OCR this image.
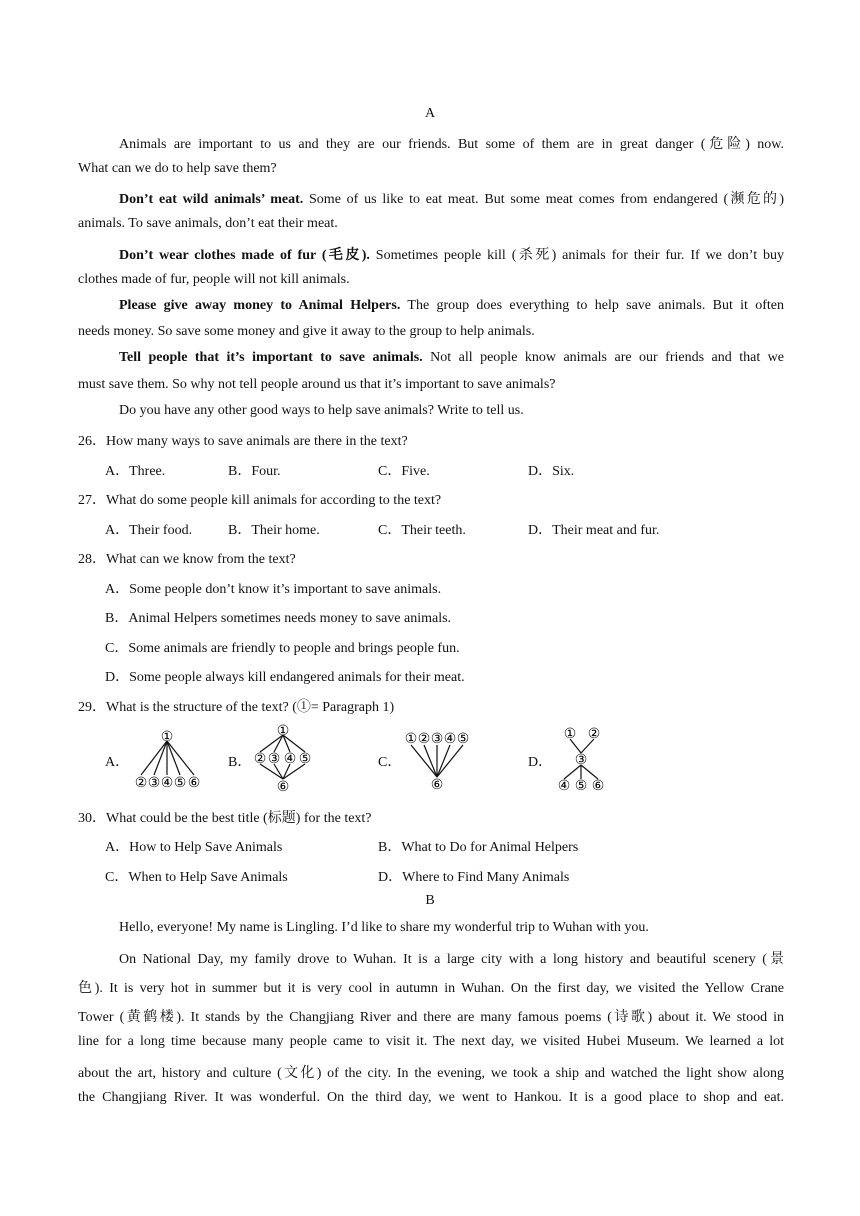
A
Animals are important to us and they are our friends. But some of them are in great danger (危险) now.
What can we do to help save them?
Don’t eat wild animals’ meat. Some of us like to eat meat. But some meat comes from endangered (濒危的)
animals. To save animals, don’t eat their meat.
Don’t wear clothes made of fur (毛皮). Sometimes people kill (杀死) animals for their fur. If we don’t buy
clothes made of fur, people will not kill animals.
Please give away money to Animal Helpers. The group does everything to help save animals. But it often
needs money. So save some money and give it away to the group to help animals.
Tell people that it’s important to save animals. Not all people know animals are our friends and that we
must save them. So why not tell people around us that it’s important to save animals?
Do you have any other good ways to help save animals? Write to tell us.
26．How many ways to save animals are there in the text?
A．Three.	B．Four.	C．Five.	D．Six.
27．What do some people kill animals for according to the text?
A．Their food.	B．Their home.	C．Their teeth.	D．Their meat and fur.
28．What can we know from the text?
A．Some people don’t know it’s important to save animals.
B．Animal Helpers sometimes needs money to save animals.
C．Some animals are friendly to people and brings people fun.
D．Some people always kill endangered animals for their meat.
29．What is the structure of the text? (①= Paragraph 1)
A．
①
② ③ ④ ⑤ ⑥
B．
①
② ③ ④ ⑤
⑥
C．
① ② ③ ④ ⑤
⑥
D．
① ②
③
④ ⑤ ⑥
30．What could be the best title (标题) for the text?
A．How to Help Save Animals	B．What to Do for Animal Helpers
C．When to Help Save Animals	D．Where to Find Many Animals
B
Hello, everyone! My name is Lingling. I’d like to share my wonderful trip to Wuhan with you.
On National Day, my family drove to Wuhan. It is a large city with a long history and beautiful scenery (景
色). It is very hot in summer but it is very cool in autumn in Wuhan. On the first day, we visited the Yellow Crane
Tower (黄鹤楼). It stands by the Changjiang River and there are many famous poems (诗歌) about it. We stood in
line for a long time because many people came to visit it. The next day, we visited Hubei Museum. We learned a lot
about the art, history and culture (文化) of the city. In the evening, we took a ship and watched the light show along
the Changjiang River. It was wonderful. On the third day, we went to Hankou. It is a good place to shop and eat.
